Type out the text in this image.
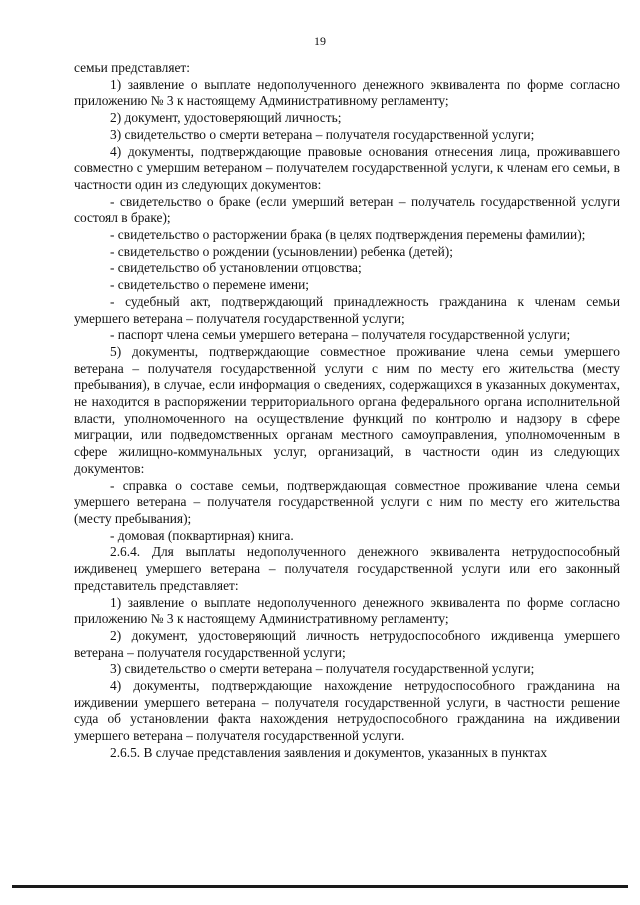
19

семьи представляет:

1) заявление о выплате недополученного денежного эквивалента по форме согласно приложению № 3 к настоящему Административному регламенту;

2) документ, удостоверяющий личность;

3) свидетельство о смерти ветерана – получателя государственной услуги;

4) документы, подтверждающие правовые основания отнесения лица, проживавшего совместно с умершим ветераном – получателем государственной услуги, к членам его семьи, в частности один из следующих документов:

- свидетельство о браке (если умерший ветеран – получатель государственной услуги состоял в браке);

- свидетельство о расторжении брака (в целях подтверждения перемены фамилии);

- свидетельство о рождении (усыновлении) ребенка (детей);

- свидетельство об установлении отцовства;

- свидетельство о перемене имени;

- судебный акт, подтверждающий принадлежность гражданина к членам семьи умершего ветерана – получателя государственной услуги;

- паспорт члена семьи умершего ветерана – получателя государственной услуги;

5) документы, подтверждающие совместное проживание члена семьи умершего ветерана – получателя государственной услуги с ним по месту его жительства (месту пребывания), в случае, если информация о сведениях, содержащихся в указанных документах, не находится в распоряжении территориального органа федерального органа исполнительной власти, уполномоченного на осуществление функций по контролю и надзору в сфере миграции, или подведомственных органам местного самоуправления, уполномоченным в сфере жилищно-коммунальных услуг, организаций, в частности один из следующих документов:

- справка о составе семьи, подтверждающая совместное проживание члена семьи умершего ветерана – получателя государственной услуги с ним по месту его жительства (месту пребывания);

- домовая (поквартирная) книга.

2.6.4. Для выплаты недополученного денежного эквивалента нетрудоспособный иждивенец умершего ветерана – получателя государственной услуги или его законный представитель представляет:

1) заявление о выплате недополученного денежного эквивалента по форме согласно приложению № 3 к настоящему Административному регламенту;

2) документ, удостоверяющий личность нетрудоспособного иждивенца умершего ветерана – получателя государственной услуги;

3) свидетельство о смерти ветерана – получателя государственной услуги;

4) документы, подтверждающие нахождение нетрудоспособного гражданина на иждивении умершего ветерана – получателя государственной услуги, в частности решение суда об установлении факта нахождения нетрудоспособного гражданина на иждивении умершего ветерана – получателя государственной услуги.

2.6.5. В случае представления заявления и документов, указанных в пунктах
